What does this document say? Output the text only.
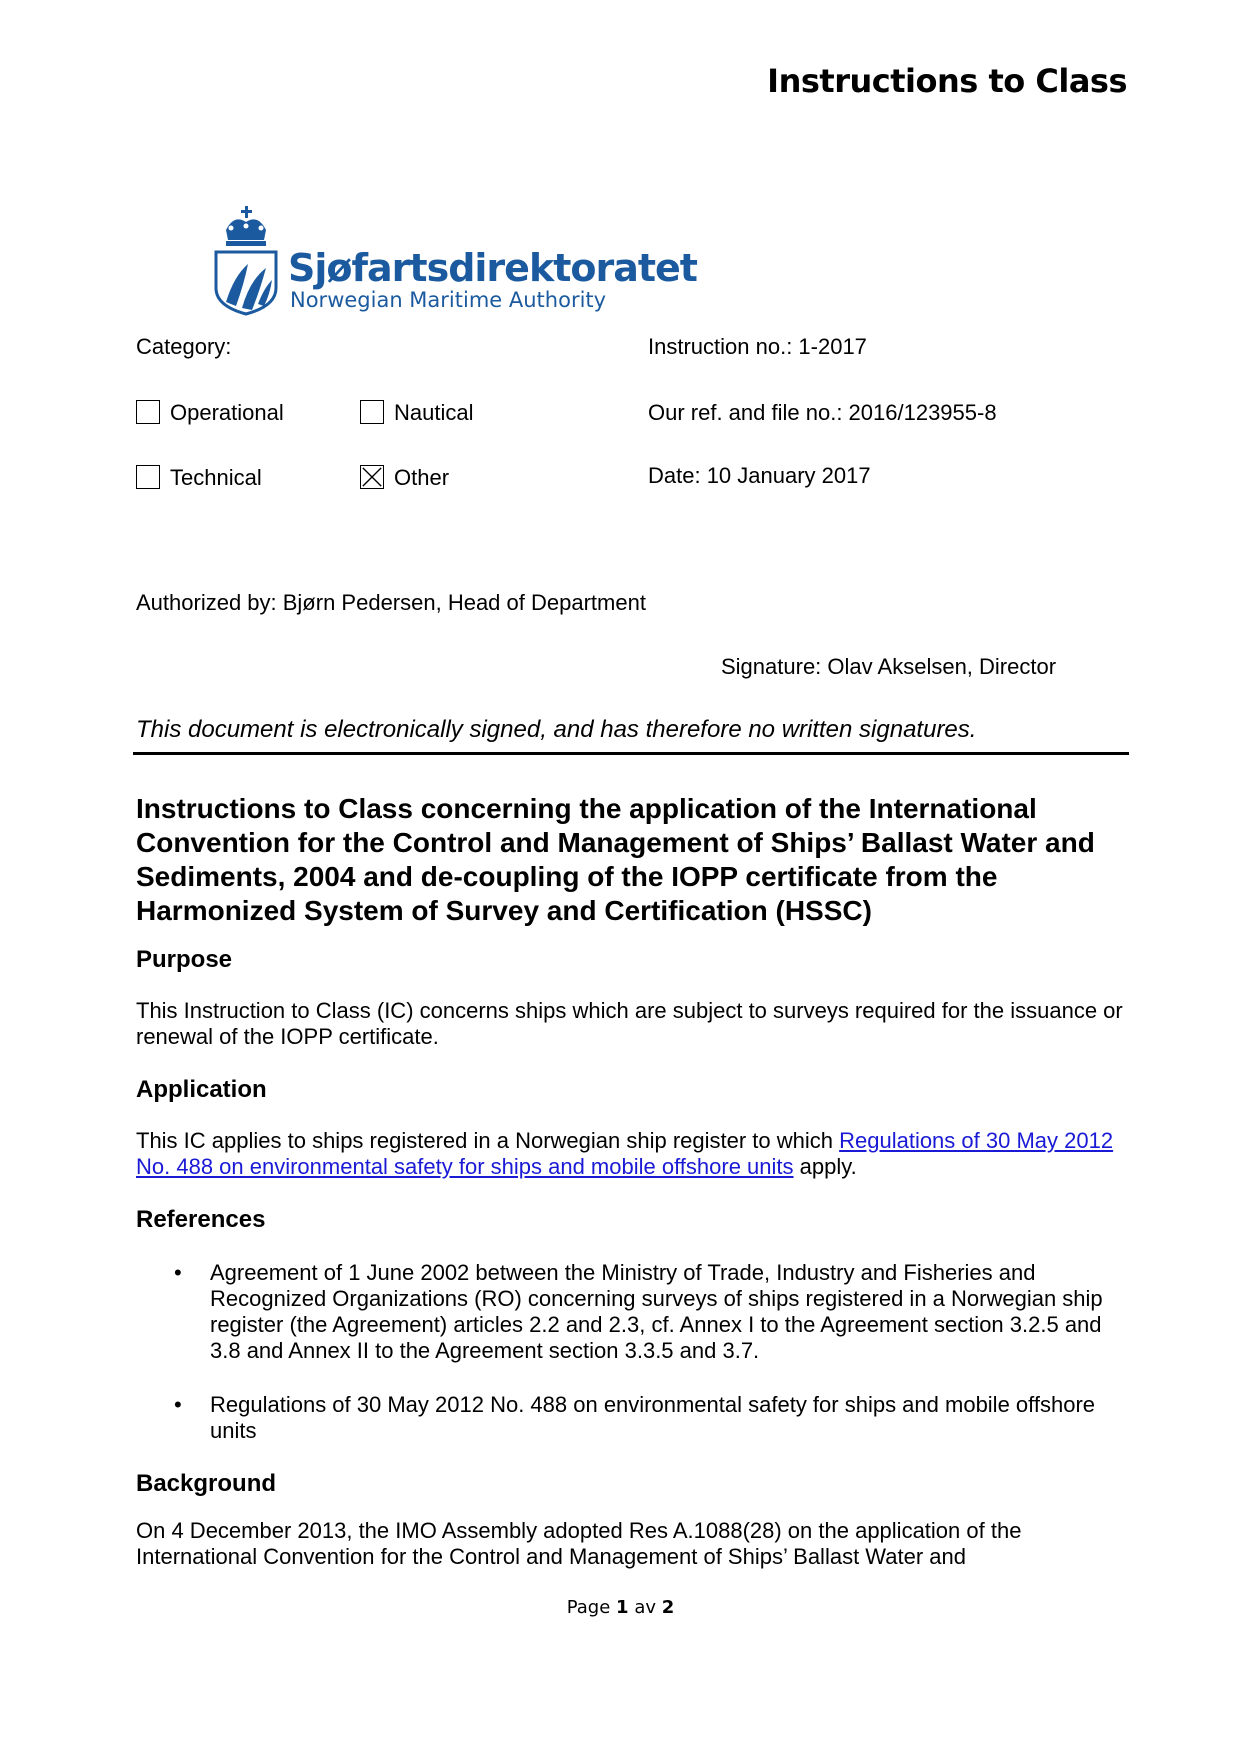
Instructions to Class
Sjøfartsdirektoratet
Norwegian Maritime Authority
Category:
Operational	Nautical
Technical	Other
Instruction no.: 1-2017
Our ref. and file no.: 2016/123955-8
Date: 10 January 2017
Authorized by: Bjørn Pedersen, Head of Department
Signature: Olav Akselsen, Director
This document is electronically signed, and has therefore no written signatures.
Instructions to Class concerning the application of the International Convention for the Control and Management of Ships’ Ballast Water and Sediments, 2004 and de-coupling of the IOPP certificate from the Harmonized System of Survey and Certification (HSSC)
Purpose
This Instruction to Class (IC) concerns ships which are subject to surveys required for the issuance or renewal of the IOPP certificate.
Application
This IC applies to ships registered in a Norwegian ship register to which Regulations of 30 May 2012 No. 488 on environmental safety for ships and mobile offshore units apply.
References
• Agreement of 1 June 2002 between the Ministry of Trade, Industry and Fisheries and Recognized Organizations (RO) concerning surveys of ships registered in a Norwegian ship register (the Agreement) articles 2.2 and 2.3, cf. Annex I to the Agreement section 3.2.5 and 3.8 and Annex II to the Agreement section 3.3.5 and 3.7.
• Regulations of 30 May 2012 No. 488 on environmental safety for ships and mobile offshore units
Background
On 4 December 2013, the IMO Assembly adopted Res A.1088(28) on the application of the International Convention for the Control and Management of Ships’ Ballast Water and
Page 1 av 2
